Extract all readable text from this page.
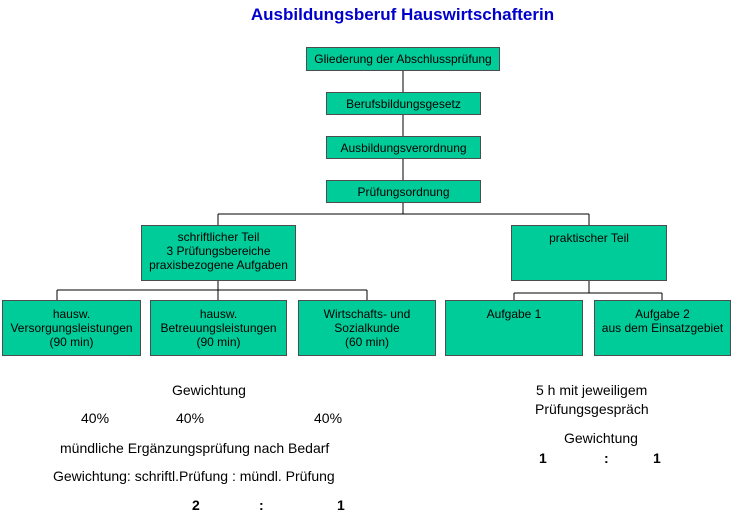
Ausbildungsberuf Hauswirtschafterin
Gliederung der Abschlussprüfung
Berufsbildungsgesetz
Ausbildungsverordnung
Prüfungsordnung
schriftlicher Teil
3 Prüfungsbereiche
praxisbezogene Aufgaben
praktischer Teil
hausw.
Versorgungsleistungen
(90 min)
hausw.
Betreuungsleistungen
(90 min)
Wirtschafts- und
Sozialkunde
(60 min)
Aufgabe 1	Aufgabe 2
aus dem Einsatzgebiet
Gewichtung
40%	40%	40%
mündliche Ergänzungsprüfung nach Bedarf
Gewichtung: schriftl.Prüfung : mündl. Prüfung
2	:	1
5 h mit jeweiligem
Prüfungsgespräch
Gewichtung
1	:	1
